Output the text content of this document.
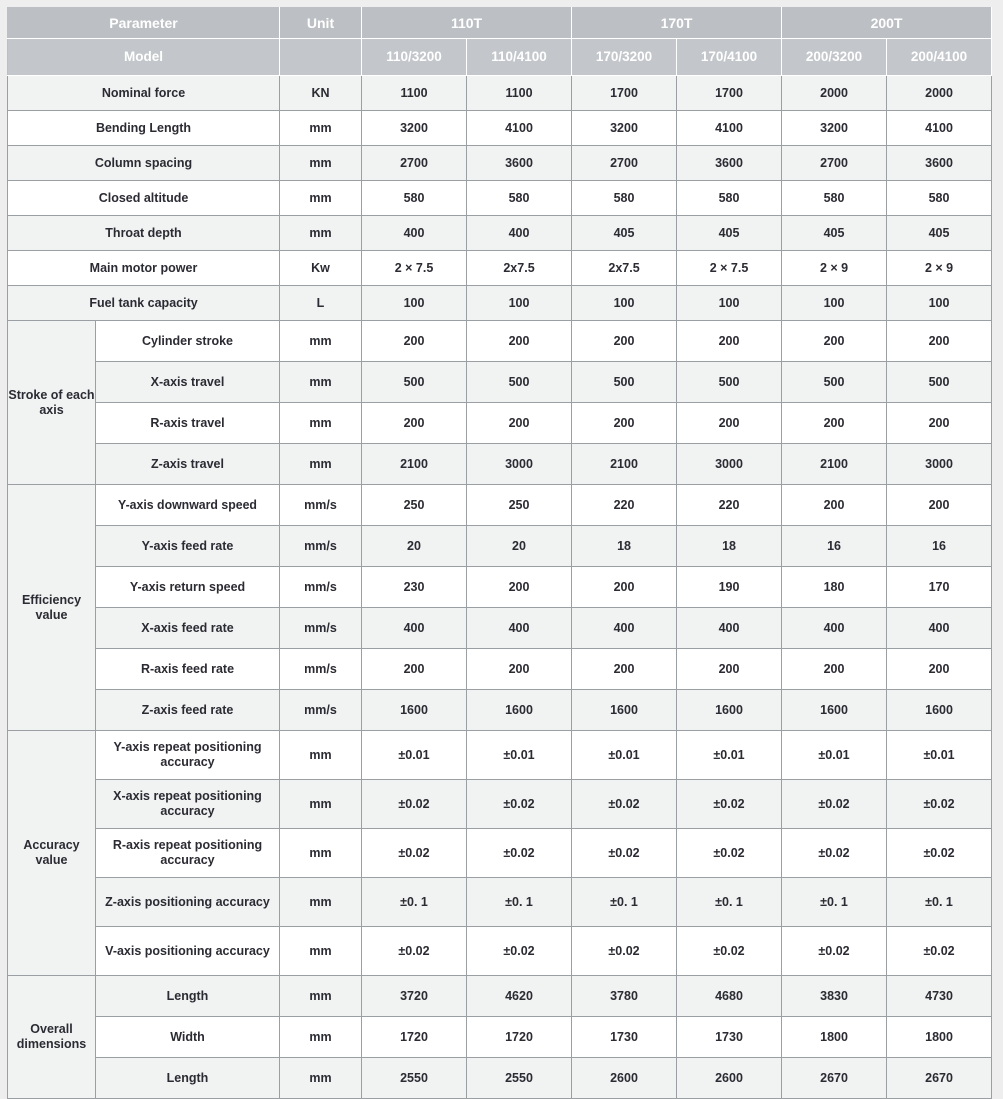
Parameter		Unit	110T		170T		200T	
Model			110/3200	110/4100	170/3200	170/4100	200/3200	200/4100
Nominal force		KN	1100	1100	1700	1700	2000	2000
Bending Length		mm	3200	4100	3200	4100	3200	4100
Column spacing		mm	2700	3600	2700	3600	2700	3600
Closed altitude		mm	580	580	580	580	580	580
Throat depth		mm	400	400	405	405	405	405
Main motor power		Kw	2 × 7.5	2x7.5	2x7.5	2 × 7.5	2 × 9	2 × 9
Fuel tank capacity		L	100	100	100	100	100	100
Stroke of each axis	Cylinder stroke	mm	200	200	200	200	200	200
	X-axis travel	mm	500	500	500	500	500	500
	R-axis travel	mm	200	200	200	200	200	200
	Z-axis travel	mm	2100	3000	2100	3000	2100	3000
Efficiency value	Y-axis downward speed	mm/s	250	250	220	220	200	200
	Y-axis feed rate	mm/s	20	20	18	18	16	16
	Y-axis return speed	mm/s	230	200	200	190	180	170
	X-axis feed rate	mm/s	400	400	400	400	400	400
	R-axis feed rate	mm/s	200	200	200	200	200	200
	Z-axis feed rate	mm/s	1600	1600	1600	1600	1600	1600
Accuracy value	Y-axis repeat positioning accuracy	mm	±0.01	±0.01	±0.01	±0.01	±0.01	±0.01
	X-axis repeat positioning accuracy	mm	±0.02	±0.02	±0.02	±0.02	±0.02	±0.02
	R-axis repeat positioning accuracy	mm	±0.02	±0.02	±0.02	±0.02	±0.02	±0.02
	Z-axis positioning accuracy	mm	±0. 1	±0. 1	±0. 1	±0. 1	±0. 1	±0. 1
	V-axis positioning accuracy	mm	±0.02	±0.02	±0.02	±0.02	±0.02	±0.02
Overall dimensions	Length	mm	3720	4620	3780	4680	3830	4730
	Width	mm	1720	1720	1730	1730	1800	1800
	Length	mm	2550	2550	2600	2600	2670	2670
